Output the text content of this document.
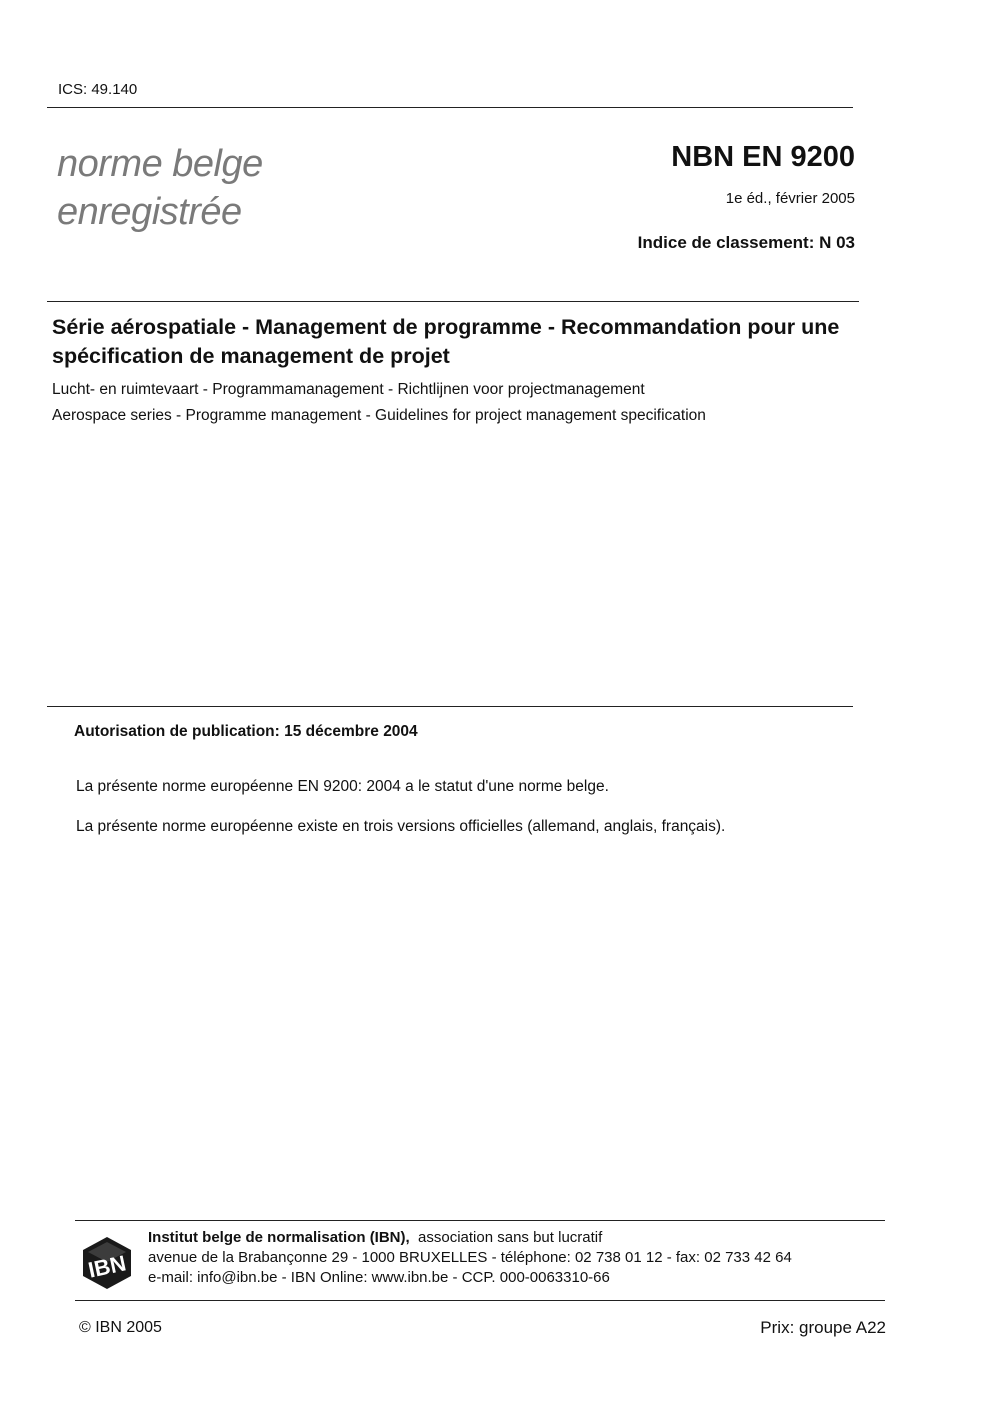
ICS: 49.140
norme belge
enregistrée
NBN EN 9200
1e éd., février 2005
Indice de classement: N 03
Série aérospatiale - Management de programme - Recommandation pour une spécification de management de projet
Lucht- en ruimtevaart - Programmamanagement - Richtlijnen voor projectmanagement
Aerospace series - Programme management - Guidelines for project management specification
Autorisation de publication: 15 décembre 2004
La présente norme européenne EN 9200: 2004 a le statut d'une norme belge.
La présente norme européenne existe en trois versions officielles (allemand, anglais, français).
IBN
Institut belge de normalisation (IBN), association sans but lucratif
avenue de la Brabançonne 29 - 1000 BRUXELLES - téléphone: 02 738 01 12 - fax: 02 733 42 64
e-mail: info@ibn.be - IBN Online: www.ibn.be - CCP. 000-0063310-66
© IBN 2005	Prix: groupe A22
